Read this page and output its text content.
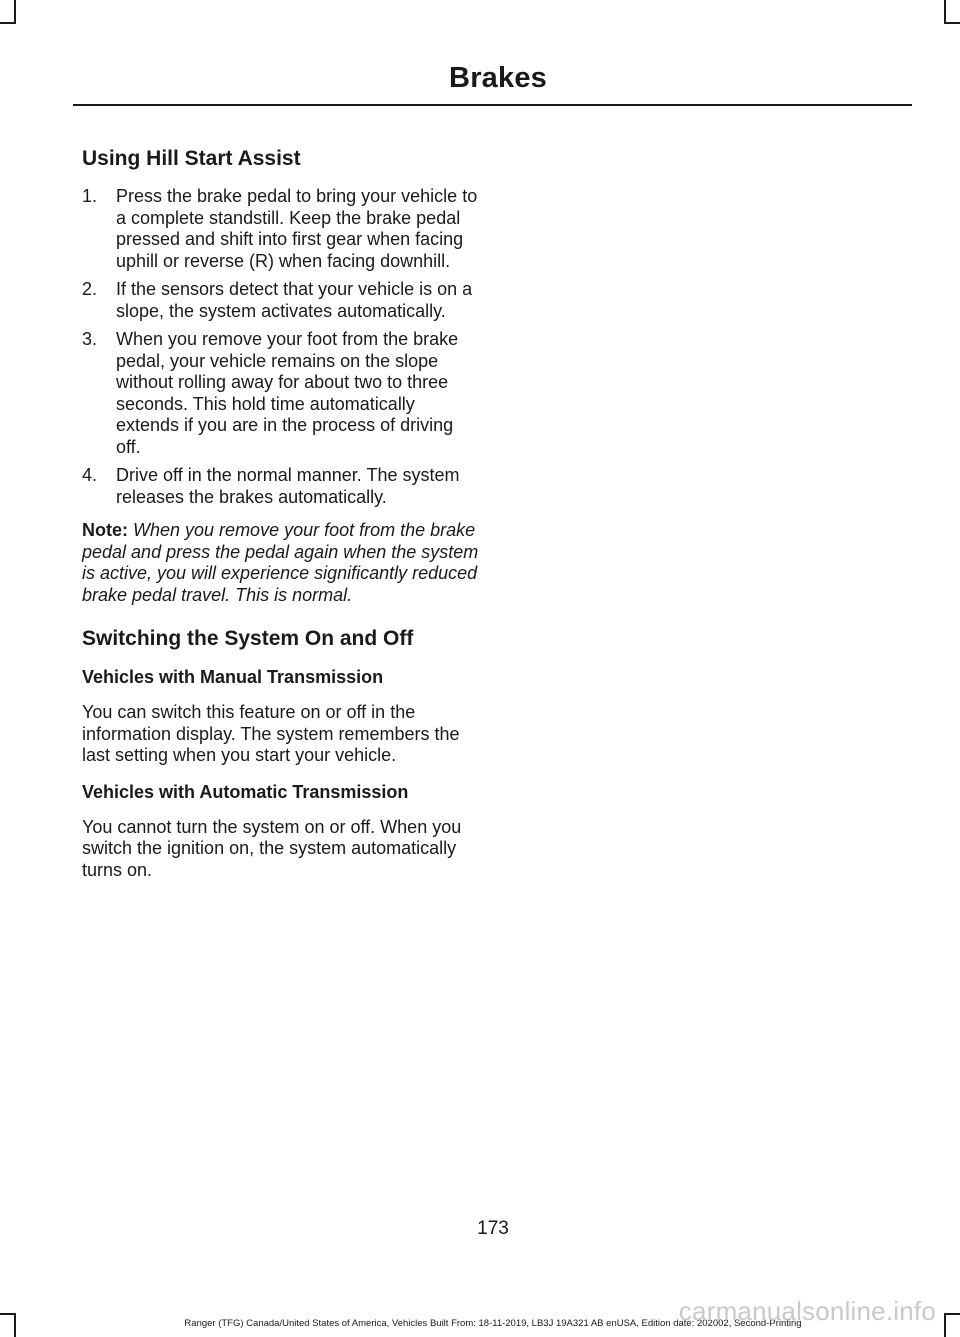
Brakes
Using Hill Start Assist
1. Press the brake pedal to bring your vehicle to a complete standstill. Keep the brake pedal pressed and shift into first gear when facing uphill or reverse (R) when facing downhill.
2. If the sensors detect that your vehicle is on a slope, the system activates automatically.
3. When you remove your foot from the brake pedal, your vehicle remains on the slope without rolling away for about two to three seconds. This hold time automatically extends if you are in the process of driving off.
4. Drive off in the normal manner. The system releases the brakes automatically.

Note: When you remove your foot from the brake pedal and press the pedal again when the system is active, you will experience significantly reduced brake pedal travel. This is normal.

Switching the System On and Off
Vehicles with Manual Transmission

You can switch this feature on or off in the information display. The system remembers the last setting when you start your vehicle.

Vehicles with Automatic Transmission

You cannot turn the system on or off. When you switch the ignition on, the system automatically turns on.

173
Ranger (TFG) Canada/United States of America, Vehicles Built From: 18-11-2019, LB3J 19A321 AB enUSA, Edition date: 202002, Second-Printing
carmanualsonline.info
